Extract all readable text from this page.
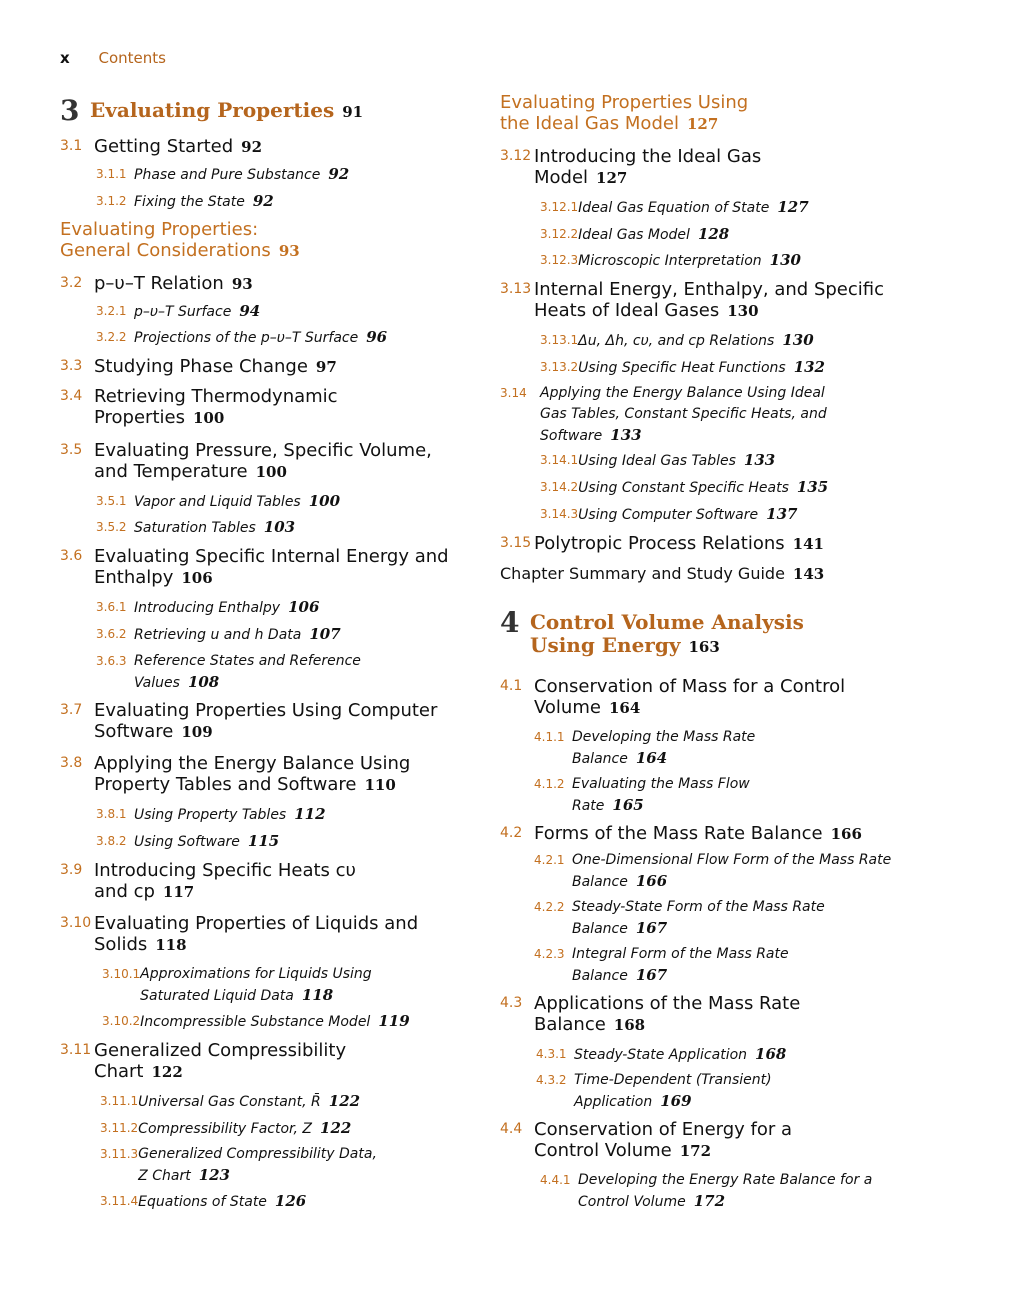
x Contents
3 Evaluating Properties 91
3.1 Getting Started 92
3.1.1 Phase and Pure Substance 92
3.1.2 Fixing the State 92
Evaluating Properties:
General Considerations 93
3.2 p–υ–T Relation 93
3.2.1 p–υ–T Surface 94
3.2.2 Projections of the p–υ–T Surface 96
3.3 Studying Phase Change 97
3.4 Retrieving Thermodynamic
Properties 100
3.5 Evaluating Pressure, Specific Volume,
and Temperature 100
3.5.1 Vapor and Liquid Tables 100
3.5.2 Saturation Tables 103
3.6 Evaluating Specific Internal Energy and
Enthalpy 106
3.6.1 Introducing Enthalpy 106
3.6.2 Retrieving u and h Data 107
3.6.3 Reference States and Reference
Values 108
3.7 Evaluating Properties Using Computer
Software 109
3.8 Applying the Energy Balance Using
Property Tables and Software 110
3.8.1 Using Property Tables 112
3.8.2 Using Software 115
3.9 Introducing Specific Heats cυ
and cp 117
3.10 Evaluating Properties of Liquids and
Solids 118
3.10.1 Approximations for Liquids Using
Saturated Liquid Data 118
3.10.2 Incompressible Substance Model 119
3.11 Generalized Compressibility
Chart 122
3.11.1 Universal Gas Constant, R̄ 122
3.11.2 Compressibility Factor, Z 122
3.11.3 Generalized Compressibility Data,
Z Chart 123
3.11.4 Equations of State 126
Evaluating Properties Using
the Ideal Gas Model 127
3.12 Introducing the Ideal Gas
Model 127
3.12.1 Ideal Gas Equation of State 127
3.12.2 Ideal Gas Model 128
3.12.3 Microscopic Interpretation 130
3.13 Internal Energy, Enthalpy, and Specific
Heats of Ideal Gases 130
3.13.1 Δu, Δh, cυ, and cp Relations 130
3.13.2 Using Specific Heat Functions 132
3.14 Applying the Energy Balance Using Ideal
Gas Tables, Constant Specific Heats, and
Software 133
3.14.1 Using Ideal Gas Tables 133
3.14.2 Using Constant Specific Heats 135
3.14.3 Using Computer Software 137
3.15 Polytropic Process Relations 141
Chapter Summary and Study Guide 143
4 Control Volume Analysis
Using Energy 163
4.1 Conservation of Mass for a Control
Volume 164
4.1.1 Developing the Mass Rate
Balance 164
4.1.2 Evaluating the Mass Flow
Rate 165
4.2 Forms of the Mass Rate Balance 166
4.2.1 One-Dimensional Flow Form of the Mass Rate
Balance 166
4.2.2 Steady-State Form of the Mass Rate
Balance 167
4.2.3 Integral Form of the Mass Rate
Balance 167
4.3 Applications of the Mass Rate
Balance 168
4.3.1 Steady-State Application 168
4.3.2 Time-Dependent (Transient)
Application 169
4.4 Conservation of Energy for a
Control Volume 172
4.4.1 Developing the Energy Rate Balance for a
Control Volume 172
